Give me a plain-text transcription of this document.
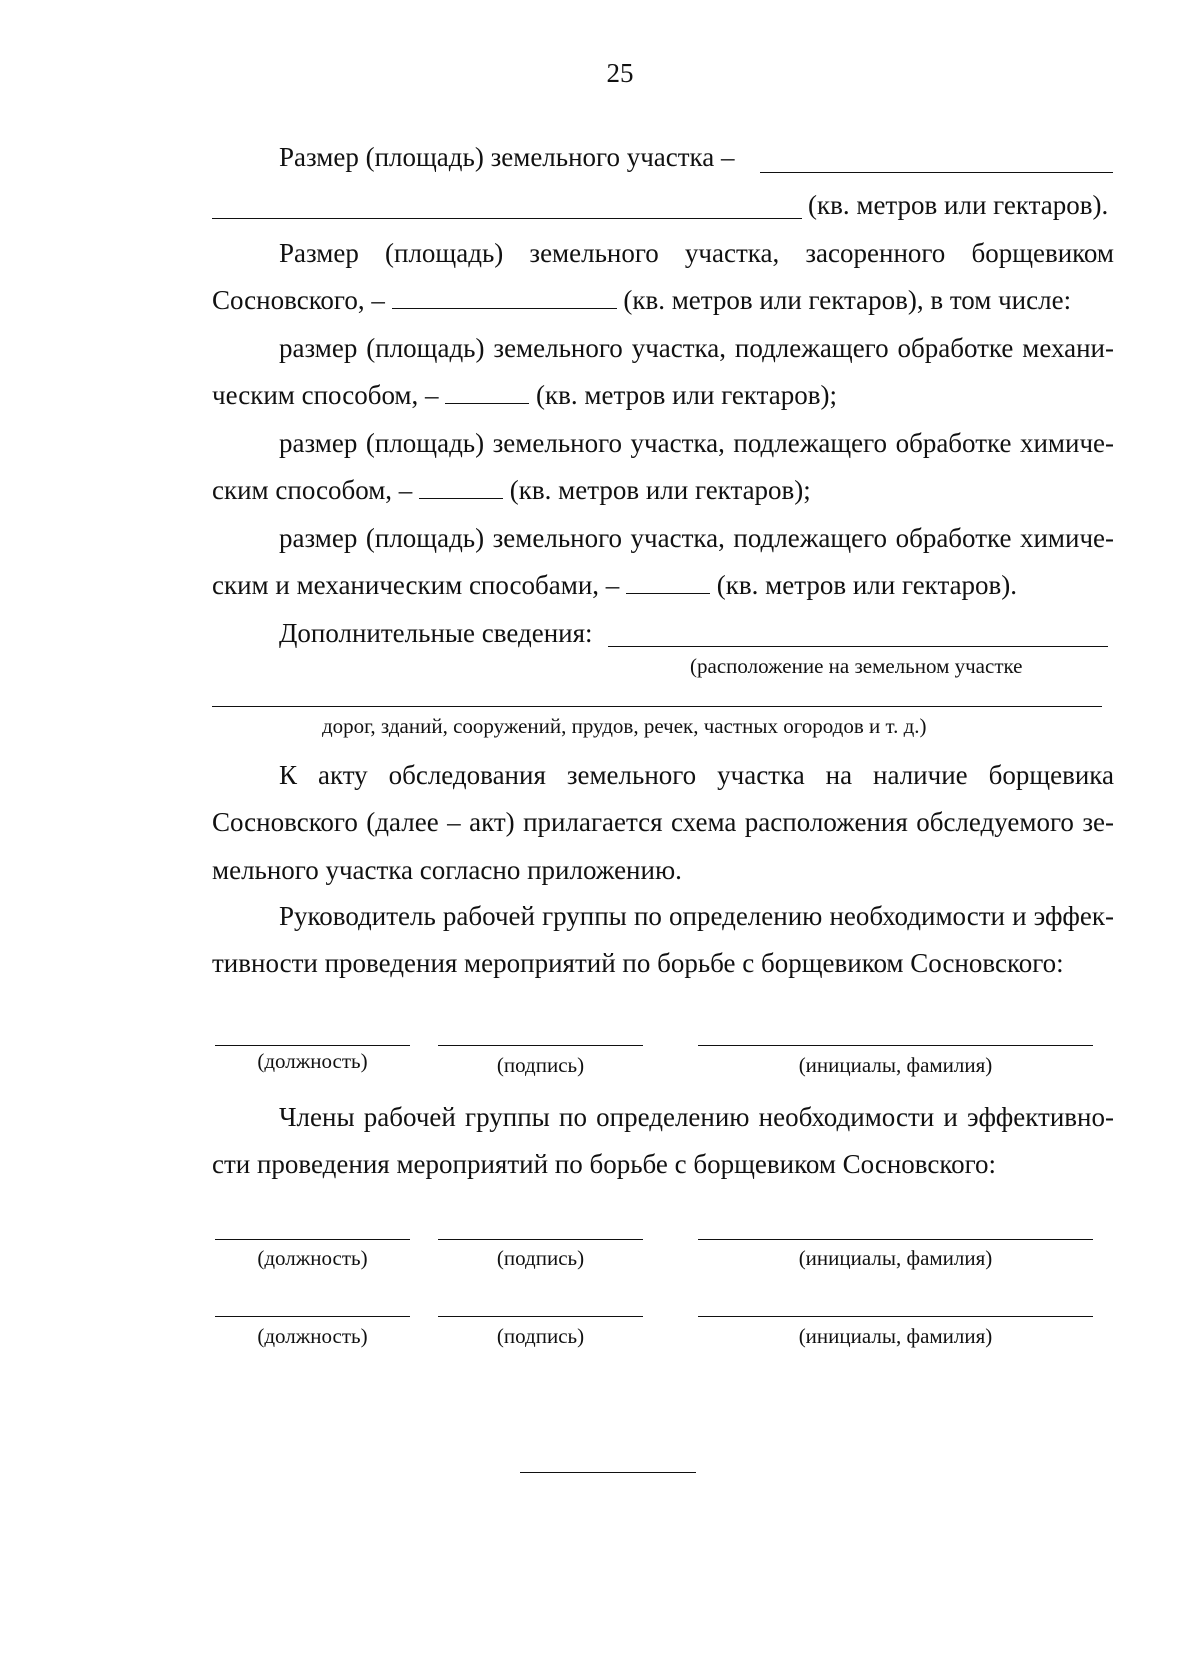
25
Размер (площадь) земельного участка –
(кв. метров или гектаров).
Размер (площадь) земельного участка, засоренного борщевиком
Сосновского, –	(кв. метров или гектаров), в том числе:
размер (площадь) земельного участка, подлежащего обработке механи-
ческим способом, –	(кв. метров или гектаров);
размер (площадь) земельного участка, подлежащего обработке химиче-
ским способом, –	(кв. метров или гектаров);
размер (площадь) земельного участка, подлежащего обработке химиче-
ским и механическим способами, –	(кв. метров или гектаров).
Дополнительные сведения:
(расположение на земельном участке
дорог, зданий, сооружений, прудов, речек, частных огородов и т. д.)
К акту обследования земельного участка на наличие борщевика
Сосновского (далее – акт) прилагается схема расположения обследуемого зе-
мельного участка согласно приложению.
Руководитель рабочей группы по определению необходимости и эффек-
тивности проведения мероприятий по борьбе с борщевиком Сосновского:
(должность)	(подпись)	(инициалы, фамилия)
Члены рабочей группы по определению необходимости и эффективно-
сти проведения мероприятий по борьбе с борщевиком Сосновского:
(должность)	(подпись)	(инициалы, фамилия)
(должность)	(подпись)	(инициалы, фамилия)
